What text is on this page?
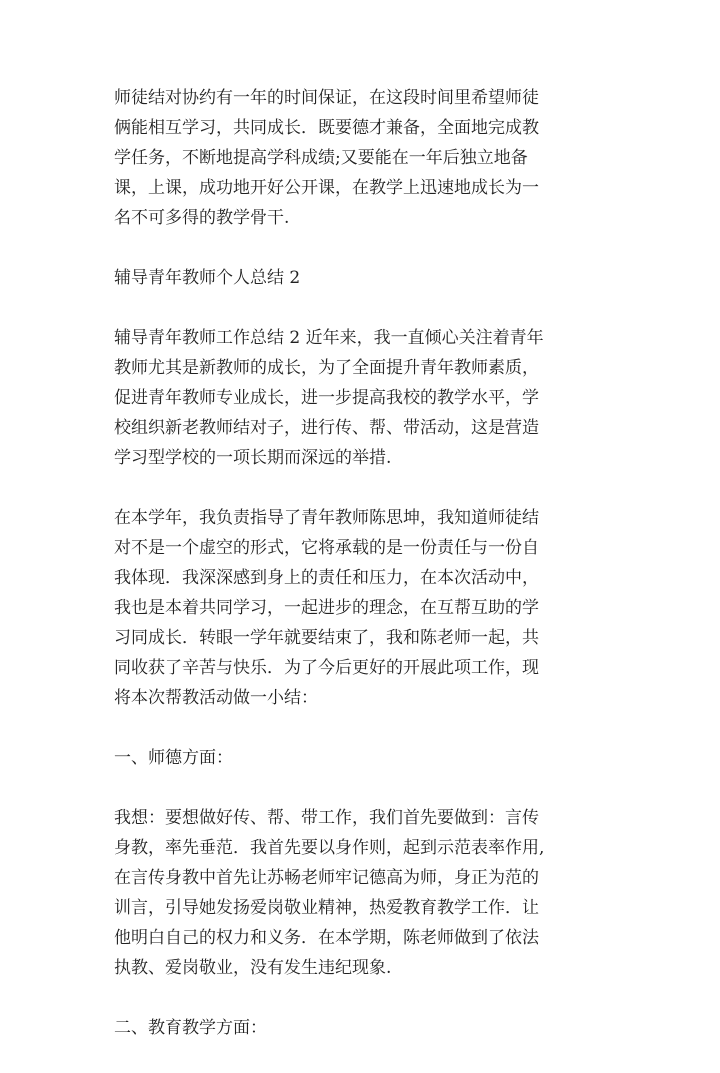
师徒结对协约有一年的时间保证，在这段时间里希望师徒
俩能相互学习，共同成长．既要德才兼备，全面地完成教
学任务，不断地提高学科成绩;又要能在一年后独立地备
课，上课，成功地开好公开课，在教学上迅速地成长为一
名不可多得的教学骨干.
辅导青年教师个人总结 2
辅导青年教师工作总结 2 近年来，我一直倾心关注着青年
教师尤其是新教师的成长，为了全面提升青年教师素质，
促进青年教师专业成长，进一步提高我校的教学水平，学
校组织新老教师结对子，进行传、帮、带活动，这是营造
学习型学校的一项长期而深远的举措.
在本学年，我负责指导了青年教师陈思坤，我知道师徒结
对不是一个虚空的形式，它将承载的是一份责任与一份自
我体现．我深深感到身上的责任和压力，在本次活动中，
我也是本着共同学习，一起进步的理念，在互帮互助的学
习同成长．转眼一学年就要结束了，我和陈老师一起，共
同收获了辛苦与快乐．为了今后更好的开展此项工作，现
将本次帮教活动做一小结：
一、师德方面：
我想：要想做好传、帮、带工作，我们首先要做到：言传
身教，率先垂范．我首先要以身作则，起到示范表率作用,
在言传身教中首先让苏畅老师牢记德高为师，身正为范的
训言，引导她发扬爱岗敬业精神，热爱教育教学工作．让
他明白自己的权力和义务．在本学期，陈老师做到了依法
执教、爱岗敬业，没有发生违纪现象.
二、教育教学方面：
